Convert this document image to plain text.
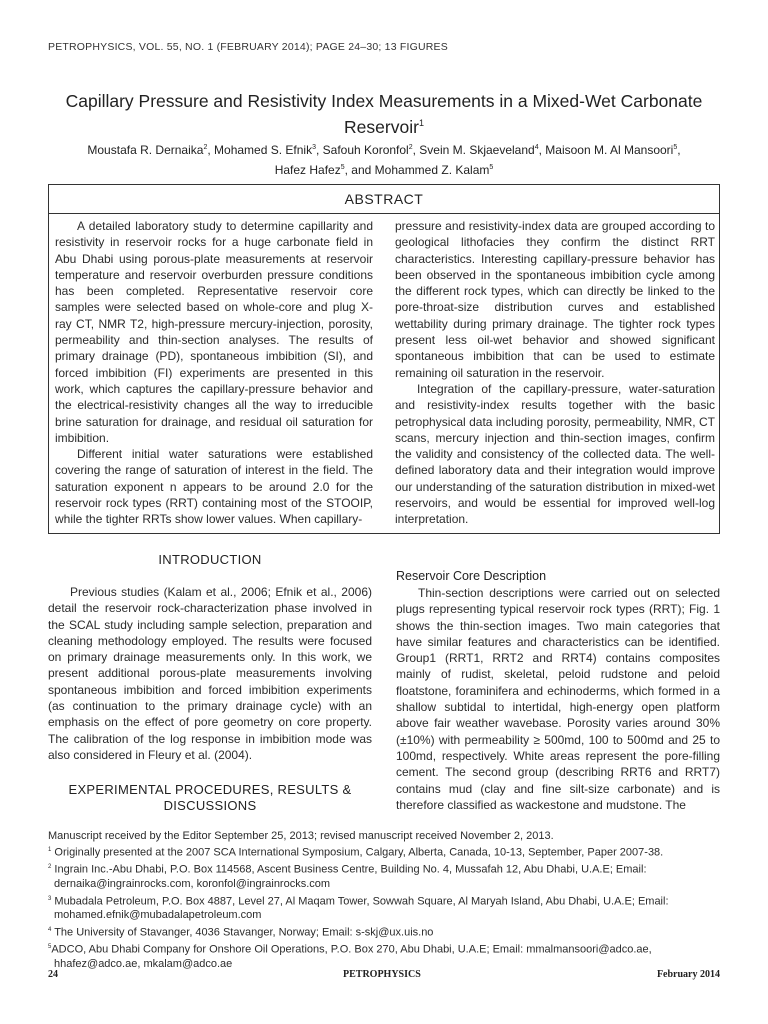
PETROPHYSICS, VOL. 55, NO. 1 (FEBRUARY 2014); PAGE 24–30; 13 FIGURES
Capillary Pressure and Resistivity Index Measurements in a Mixed-Wet Carbonate
Reservoir$^1$
Moustafa R. Dernaika$^2$, Mohamed S. Efnik$^3$, Safouh Koronfol$^2$, Svein M. Skjaeveland$^4$, Maisoon M. Al Mansoori$^5$,
Hafez Hafez$^5$, and Mohammed Z. Kalam$^5$
ABSTRACT

A detailed laboratory study to determine capillarity and resistivity in reservoir rocks for a huge carbonate field in Abu Dhabi using porous-plate measurements at reservoir temperature and reservoir overburden pressure conditions has been completed. Representative reservoir core samples were selected based on whole-core and plug X-ray CT, NMR T2, high-pressure mercury-injection, porosity, permeability and thin-section analyses. The results of primary drainage (PD), spontaneous imbibition (SI), and forced imbibition (FI) experiments are presented in this work, which captures the capillary-pressure behavior and the electrical-resistivity changes all the way to irreducible brine saturation for drainage, and residual oil saturation for imbibition.

Different initial water saturations were established covering the range of saturation of interest in the field. The saturation exponent n appears to be around 2.0 for the reservoir rock types (RRT) containing most of the STOOIP, while the tighter RRTs show lower values. When capillary-

pressure and resistivity-index data are grouped according to geological lithofacies they confirm the distinct RRT characteristics. Interesting capillary-pressure behavior has been observed in the spontaneous imbibition cycle among the different rock types, which can directly be linked to the pore-throat-size distribution curves and established wettability during primary drainage. The tighter rock types present less oil-wet behavior and showed significant spontaneous imbibition that can be used to estimate remaining oil saturation in the reservoir.

Integration of the capillary-pressure, water-saturation and resistivity-index results together with the basic petrophysical data including porosity, permeability, NMR, CT scans, mercury injection and thin-section images, confirm the validity and consistency of the collected data. The well-defined laboratory data and their integration would improve our understanding of the saturation distribution in mixed-wet reservoirs, and would be essential for improved well-log interpretation.

INTRODUCTION

Previous studies (Kalam et al., 2006; Efnik et al., 2006) detail the reservoir rock-characterization phase involved in the SCAL study including sample selection, preparation and cleaning methodology employed. The results were focused on primary drainage measurements only. In this work, we present additional porous-plate measurements involving spontaneous imbibition and forced imbibition experiments (as continuation to the primary drainage cycle) with an emphasis on the effect of pore geometry on core property. The calibration of the log response in imbibition mode was also considered in Fleury et al. (2004).

EXPERIMENTAL PROCEDURES, RESULTS &
DISCUSSIONS
Reservoir Core Description

Thin-section descriptions were carried out on selected plugs representing typical reservoir rock types (RRT); Fig. 1 shows the thin-section images. Two main categories that have similar features and characteristics can be identified. Group1 (RRT1, RRT2 and RRT4) contains composites mainly of rudist, skeletal, peloid rudstone and peloid floatstone, foraminifera and echinoderms, which formed in a shallow subtidal to intertidal, high-energy open platform above fair weather wavebase. Porosity varies around 30% (±10%) with permeability ≥ 500md, 100 to 500md and 25 to 100md, respectively. White areas represent the pore-filling cement. The second group (describing RRT6 and RRT7) contains mud (clay and fine silt-size carbonate) and is therefore classified as wackestone and mudstone. The

Manuscript received by the Editor September 25, 2013; revised manuscript received November 2, 2013.
$^1$ Originally presented at the 2007 SCA International Symposium, Calgary, Alberta, Canada, 10-13, September, Paper 2007-38.
$^2$ Ingrain Inc.-Abu Dhabi, P.O. Box 114568, Ascent Business Centre, Building No. 4, Mussafah 12, Abu Dhabi, U.A.E; Email:
dernaika@ingrainrocks.com, koronfol@ingrainrocks.com
$^3$ Mubadala Petroleum, P.O. Box 4887, Level 27, Al Maqam Tower, Sowwah Square, Al Maryah Island, Abu Dhabi, U.A.E; Email:
mohamed.efnik@mubadalapetroleum.com
$^4$ The University of Stavanger, 4036 Stavanger, Norway; Email: s-skj@ux.uis.no
$^5$ADCO, Abu Dhabi Company for Onshore Oil Operations, P.O. Box 270, Abu Dhabi, U.A.E; Email: mmalmansoori@adco.ae,
hhafez@adco.ae, mkalam@adco.ae
24	PETROPHYSICS	February 2014
